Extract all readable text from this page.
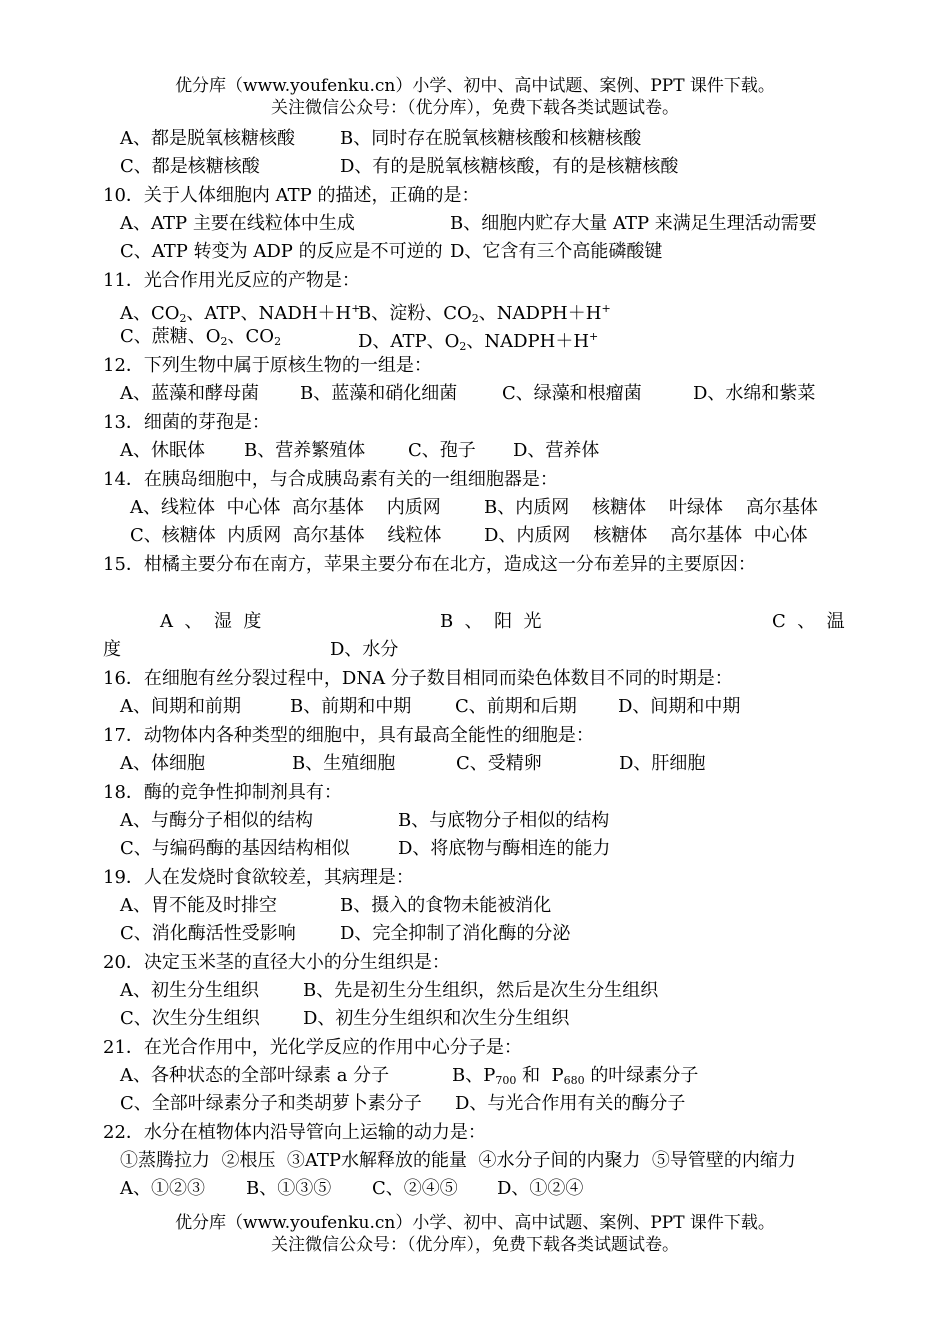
优分库（www.youfenku.cn）小学、初中、高中试题、案例、PPT 课件下载。
关注微信公众号：（优分库），免费下载各类试题试卷。
A、都是脱氧核糖核酸	B、同时存在脱氧核糖核酸和核糖核酸
C、都是核糖核酸	D、有的是脱氧核糖核酸，有的是核糖核酸
10．关于人体细胞内 ATP 的描述，正确的是：
A、ATP 主要在线粒体中生成	B、细胞内贮存大量 ATP 来满足生理活动需要
C、ATP 转变为 ADP 的反应是不可逆的 D、它含有三个高能磷酸键
11．光合作用光反应的产物是：
A、$CO_2$、ATP、NADH＋H+
B、淀粉、$CO_2$、NADPH＋H+
C、蔗糖、$O_2$、$CO_2$	D、ATP、$O_2$、NADPH＋H+
12．下列生物中属于原核生物的一组是：
A、蓝藻和酵母菌 B、蓝藻和硝化细菌 C、绿藻和根瘤菌	D、水绵和紫菜
13．细菌的芽孢是：
A、休眠体 B、营养繁殖体 C、孢子 D、营养体
14．在胰岛细胞中，与合成胰岛素有关的一组细胞器是：
A、线粒体  中心体  高尔基体    内质网 B、内质网    核糖体    叶绿体    高尔基体
C、核糖体  内质网  高尔基体    线粒体 D、内质网    核糖体    高尔基体  中心体
15．柑橘主要分布在南方，苹果主要分布在北方，造成这一分布差异的主要原因：
A  、  湿  度	B  、  阳  光	C  、  温
度	D、水分
16．在细胞有丝分裂过程中，DNA 分子数目相同而染色体数目不同的时期是：
A、间期和前期	B、前期和中期 C、前期和后期 D、间期和中期
17．动物体内各种类型的细胞中，具有最高全能性的细胞是：
A、体细胞	B、生殖细胞	C、受精卵	D、肝细胞
18．酶的竞争性抑制剂具有：
A、与酶分子相似的结构	B、与底物分子相似的结构
C、与编码酶的基因结构相似	D、将底物与酶相连的能力
19．人在发烧时食欲较差，其病理是：
A、胃不能及时排空	B、摄入的食物未能被消化
C、消化酶活性受影响 D、完全抑制了消化酶的分泌
20．决定玉米茎的直径大小的分生组织是：
A、初生分生组织 B、先是初生分生组织，然后是次生分生组织
C、次生分生组织 D、初生分生组织和次生分生组织
21．在光合作用中，光化学反应的作用中心分子是：
A、各种状态的全部叶绿素 a 分子	B、$P_{700}$ 和  $P_{680}$ 的叶绿素分子
C、全部叶绿素分子和类胡萝卜素分子 D、与光合作用有关的酶分子
22．水分在植物体内沿导管向上运输的动力是：
①蒸腾拉力  ②根压  ③ATP水解释放的能量  ④水分子间的内聚力  ⑤导管壁的内缩力
A、①②③ B、①③⑤ C、②④⑤ D、①②④
优分库（www.youfenku.cn）小学、初中、高中试题、案例、PPT 课件下载。
关注微信公众号：（优分库），免费下载各类试题试卷。
